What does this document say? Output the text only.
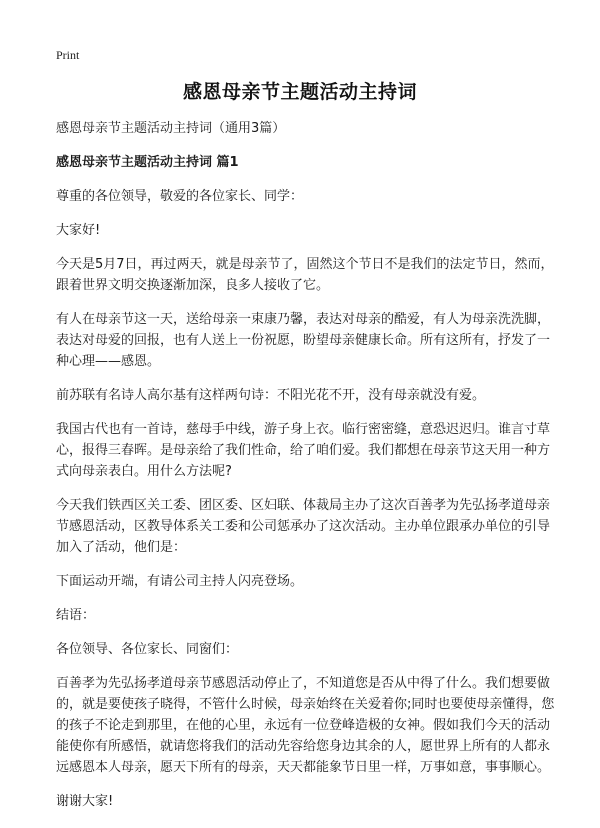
Print
感恩母亲节主题活动主持词

感恩母亲节主题活动主持词（通用3篇）

感恩母亲节主题活动主持词 篇1

尊重的各位领导，敬爱的各位家长、同学：

大家好!

今天是5月7日，再过两天，就是母亲节了，固然这个节日不是我们的法定节日，然而，跟着世界文明交换逐渐加深，良多人接收了它。

有人在母亲节这一天，送给母亲一束康乃馨，表达对母亲的酷爱，有人为母亲洗洗脚，表达对母爱的回报，也有人送上一份祝愿，盼望母亲健康长命。所有这所有，抒发了一种心理——感恩。

前苏联有名诗人高尔基有这样两句诗：不阳光花不开，没有母亲就没有爱。

我国古代也有一首诗，慈母手中线，游子身上衣。临行密密缝，意恐迟迟归。谁言寸草心，报得三春晖。是母亲给了我们性命，给了咱们爱。我们都想在母亲节这天用一种方式向母亲表白。用什么方法呢?

今天我们铁西区关工委、团区委、区妇联、体裁局主办了这次百善孝为先弘扬孝道母亲节感恩活动，区教导体系关工委和公司惩承办了这次活动。主办单位跟承办单位的引导加入了活动，他们是：

下面运动开端，有请公司主持人闪亮登场。

结语：

各位领导、各位家长、同窗们：

百善孝为先弘扬孝道母亲节感恩活动停止了，不知道您是否从中得了什么。我们想要做的，就是要使孩子晓得，不管什么时候，母亲始终在关爱着你;同时也要使母亲懂得，您的孩子不论走到那里，在他的心里，永远有一位登峰造极的女神。假如我们今天的活动能使你有所感悟，就请您将我们的活动先容给您身边其余的人，愿世界上所有的人都永远感恩本人母亲，愿天下所有的母亲，天天都能象节日里一样，万事如意，事事顺心。

谢谢大家!
